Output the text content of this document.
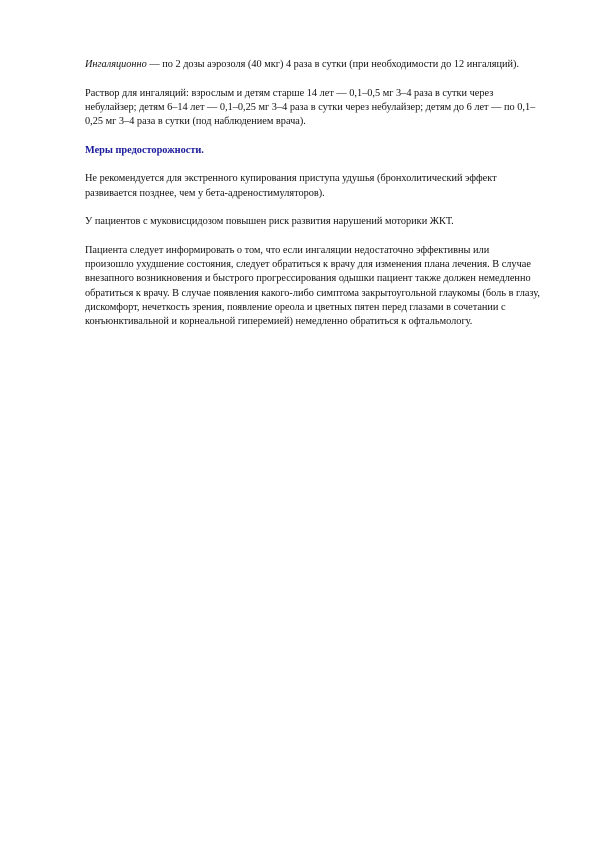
Ингаляционно — по 2 дозы аэрозоля (40 мкг) 4 раза в сутки (при необходимости до 12 ингаляций).

Раствор для ингаляций: взрослым и детям старше 14 лет — 0,1–0,5 мг 3–4 раза в сутки через небулайзер; детям 6–14 лет — 0,1–0,25 мг 3–4 раза в сутки через небулайзер; детям до 6 лет — по 0,1–0,25 мг 3–4 раза в сутки (под наблюдением врача).

Меры предосторожности.

Не рекомендуется для экстренного купирования приступа удушья (бронхолитический эффект развивается позднее, чем у бета-адреностимуляторов).

У пациентов с муковисцидозом повышен риск развития нарушений моторики ЖКТ.

Пациента следует информировать о том, что если ингаляции недостаточно эффективны или произошло ухудшение состояния, следует обратиться к врачу для изменения плана лечения. В случае внезапного возникновения и быстрого прогрессирования одышки пациент также должен немедленно обратиться к врачу. В случае появления какого-либо симптома закрытоугольной глаукомы (боль в глазу, дискомфорт, нечеткость зрения, появление ореола и цветных пятен перед глазами в сочетании с конъюнктивальной и корнеальной гиперемией) немедленно обратиться к офтальмологу.
